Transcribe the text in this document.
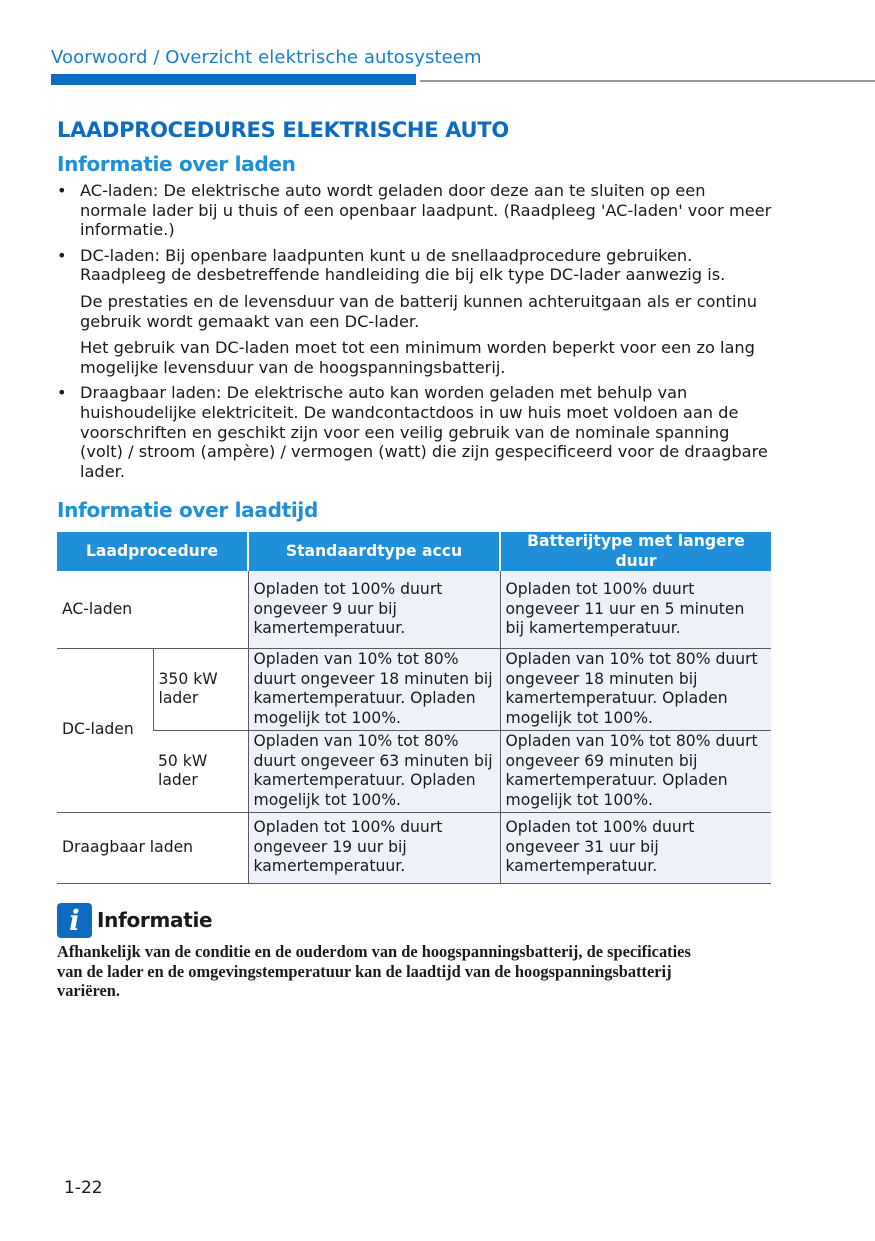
Voorwoord / Overzicht elektrische autosysteem
LAADPROCEDURES ELEKTRISCHE AUTO
Informatie over laden
• AC-laden: De elektrische auto wordt geladen door deze aan te sluiten op een normale lader bij u thuis of een openbaar laadpunt. (Raadpleeg 'AC-laden' voor meer informatie.)

• DC-laden: Bij openbare laadpunten kunt u de snellaadprocedure gebruiken. Raadpleeg de desbetreffende handleiding die bij elk type DC-lader aanwezig is.

De prestaties en de levensduur van de batterij kunnen achteruitgaan als er continu gebruik wordt gemaakt van een DC-lader.

Het gebruik van DC-laden moet tot een minimum worden beperkt voor een zo lang mogelijke levensduur van de hoogspanningsbatterij.

• Draagbaar laden: De elektrische auto kan worden geladen met behulp van huishoudelijke elektriciteit. De wandcontactdoos in uw huis moet voldoen aan de voorschriften en geschikt zijn voor een veilig gebruik van de nominale spanning (volt) / stroom (ampère) / vermogen (watt) die zijn gespecificeerd voor de draagbare lader.

Informatie over laadtijd
Laadprocedure		Standaardtype accu	Batterijtype met langere duur
AC-laden		Opladen tot 100% duurt ongeveer 9 uur bij kamertemperatuur.	Opladen tot 100% duurt ongeveer 11 uur en 5 minuten bij kamertemperatuur.
DC-laden	350 kW lader	Opladen van 10% tot 80% duurt ongeveer 18 minuten bij kamertemperatuur. Opladen mogelijk tot 100%.	Opladen van 10% tot 80% duurt ongeveer 18 minuten bij kamertemperatuur. Opladen mogelijk tot 100%.
	50 kW lader	Opladen van 10% tot 80% duurt ongeveer 63 minuten bij kamertemperatuur. Opladen mogelijk tot 100%.	Opladen van 10% tot 80% duurt ongeveer 69 minuten bij kamertemperatuur. Opladen mogelijk tot 100%.
Draagbaar laden		Opladen tot 100% duurt ongeveer 19 uur bij kamertemperatuur.	Opladen tot 100% duurt ongeveer 31 uur bij kamertemperatuur.
i Informatie
Afhankelijk van de conditie en de ouderdom van de hoogspanningsbatterij, de specificaties van de lader en de omgevingstemperatuur kan de laadtijd van de hoogspanningsbatterij variëren.
1-22
